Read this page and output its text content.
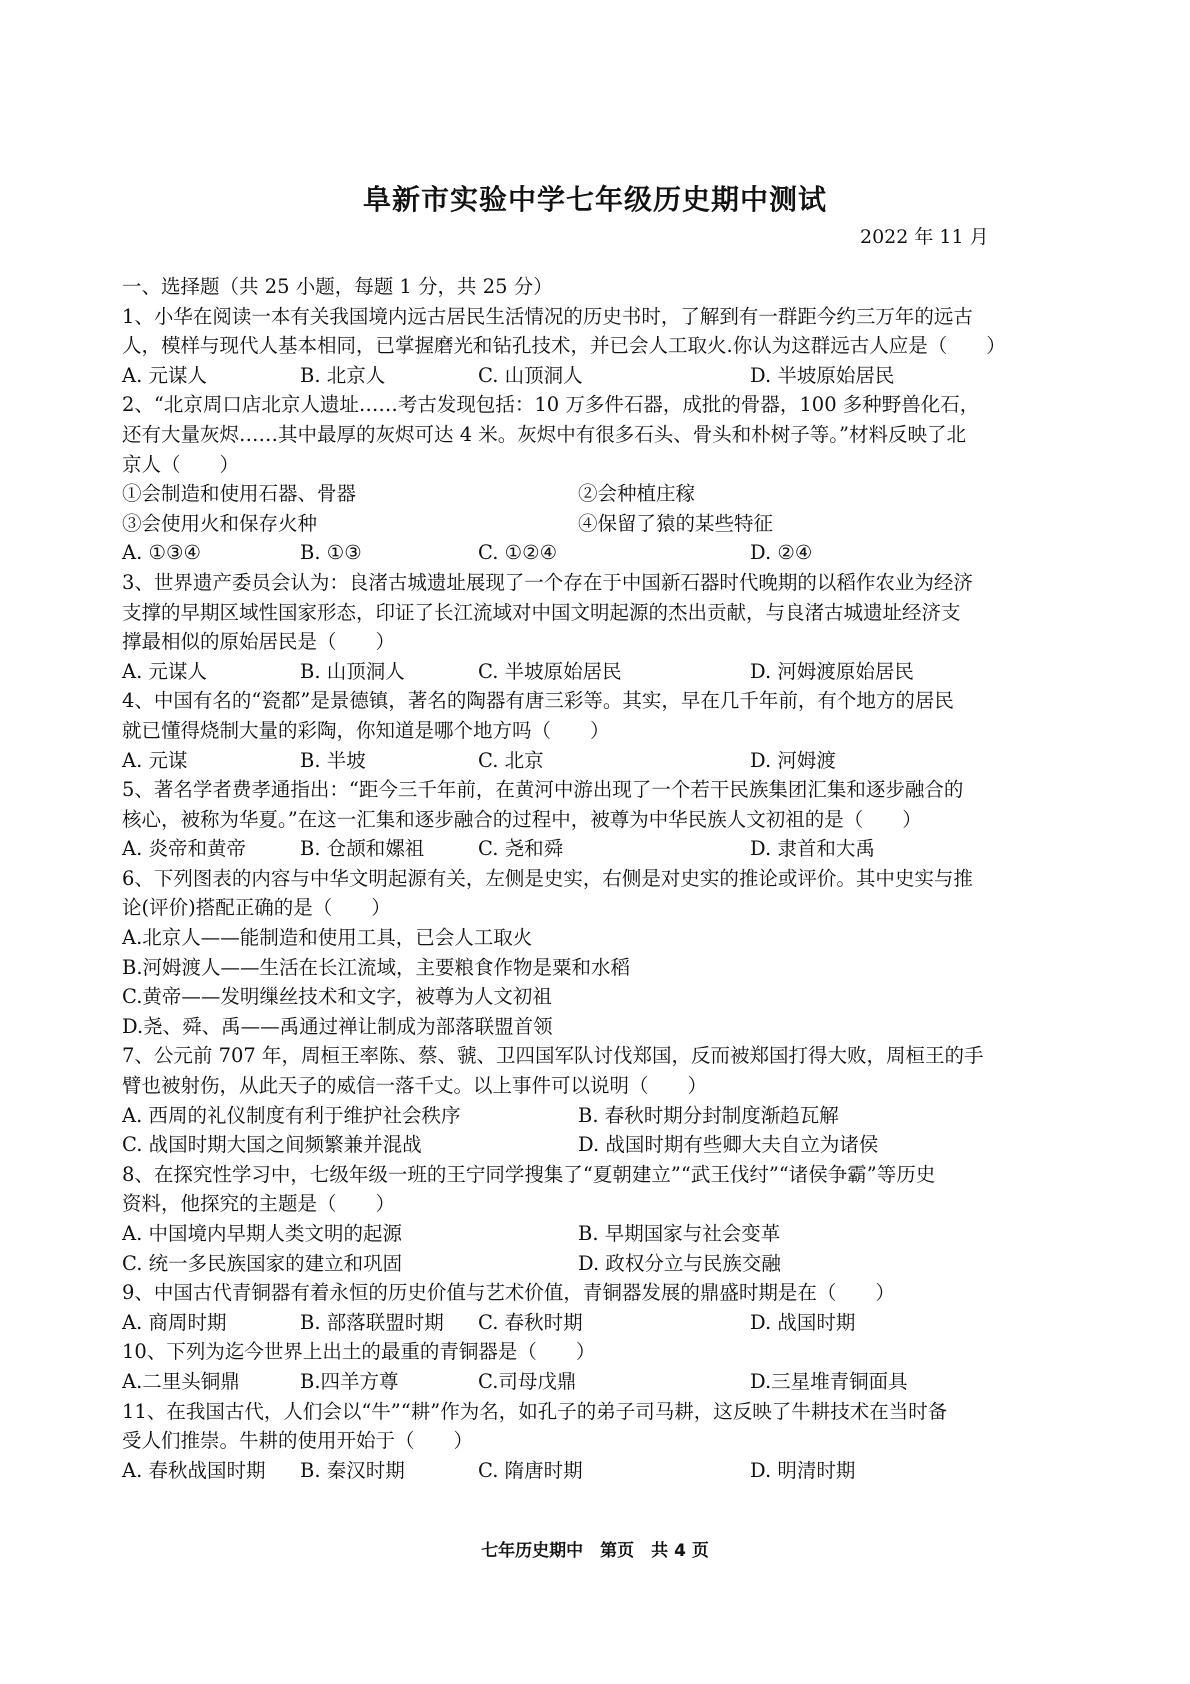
阜新市实验中学七年级历史期中测试
2022 年 11 月
一、选择题（共 25 小题，每题 1 分，共 25 分）
1、小华在阅读一本有关我国境内远古居民生活情况的历史书时，了解到有一群距今约三万年的远古
人，模样与现代人基本相同，已掌握磨光和钻孔技术，并已会人工取火.你认为这群远古人应是（　　）
A. 元谋人	B. 北京人	C. 山顶洞人	D. 半坡原始居民
2、“北京周口店北京人遗址……考古发现包括：10 万多件石器，成批的骨器，100 多种野兽化石，
还有大量灰烬……其中最厚的灰烬可达 4 米。灰烬中有很多石头、骨头和朴树子等。”材料反映了北
京人（　　）
①会制造和使用石器、骨器	②会种植庄稼
③会使用火和保存火种	④保留了猿的某些特征
A. ①③④	B. ①③	C. ①②④	D. ②④
3、世界遗产委员会认为：良渚古城遗址展现了一个存在于中国新石器时代晚期的以稻作农业为经济
支撑的早期区域性国家形态，印证了长江流域对中国文明起源的杰出贡献，与良渚古城遗址经济支
撑最相似的原始居民是（　　）
A. 元谋人	B. 山顶洞人	C. 半坡原始居民	D. 河姆渡原始居民
4、中国有名的“瓷都”是景德镇，著名的陶器有唐三彩等。其实，早在几千年前，有个地方的居民
就已懂得烧制大量的彩陶，你知道是哪个地方吗（　　）
A. 元谋	B. 半坡	C. 北京	D. 河姆渡
5、著名学者费孝通指出：“距今三千年前，在黄河中游出现了一个若干民族集团汇集和逐步融合的
核心，被称为华夏。”在这一汇集和逐步融合的过程中，被尊为中华民族人文初祖的是（　　）
A. 炎帝和黄帝	B. 仓颉和嫘祖	C. 尧和舜	D. 隶首和大禹
6、下列图表的内容与中华文明起源有关，左侧是史实，右侧是对史实的推论或评价。其中史实与推
论(评价)搭配正确的是（　　）
A.北京人——能制造和使用工具，已会人工取火
B.河姆渡人——生活在长江流域，主要粮食作物是粟和水稻
C.黄帝——发明缫丝技术和文字，被尊为人文初祖
D.尧、舜、禹——禹通过禅让制成为部落联盟首领
7、公元前 707 年，周桓王率陈、蔡、虢、卫四国军队讨伐郑国，反而被郑国打得大败，周桓王的手
臂也被射伤，从此天子的威信一落千丈。以上事件可以说明（　　）
A. 西周的礼仪制度有利于维护社会秩序	B. 春秋时期分封制度渐趋瓦解
C. 战国时期大国之间频繁兼并混战	D. 战国时期有些卿大夫自立为诸侯
8、在探究性学习中，七级年级一班的王宁同学搜集了“夏朝建立”“武王伐纣”“诸侯争霸”等历史
资料，他探究的主题是（　　）
A. 中国境内早期人类文明的起源	B. 早期国家与社会变革
C. 统一多民族国家的建立和巩固	D. 政权分立与民族交融
9、中国古代青铜器有着永恒的历史价值与艺术价值，青铜器发展的鼎盛时期是在（　　）
A. 商周时期	B. 部落联盟时期	C. 春秋时期	D. 战国时期
10、下列为迄今世界上出土的最重的青铜器是（　　）
A.二里头铜鼎	B.四羊方尊	C.司母戊鼎	D.三星堆青铜面具
11、在我国古代，人们会以“牛”“耕”作为名，如孔子的弟子司马耕，这反映了牛耕技术在当时备
受人们推崇。牛耕的使用开始于（　　）
A. 春秋战国时期	B. 秦汉时期	C. 隋唐时期	D. 明清时期
七年历史期中　第页　共 4 页
